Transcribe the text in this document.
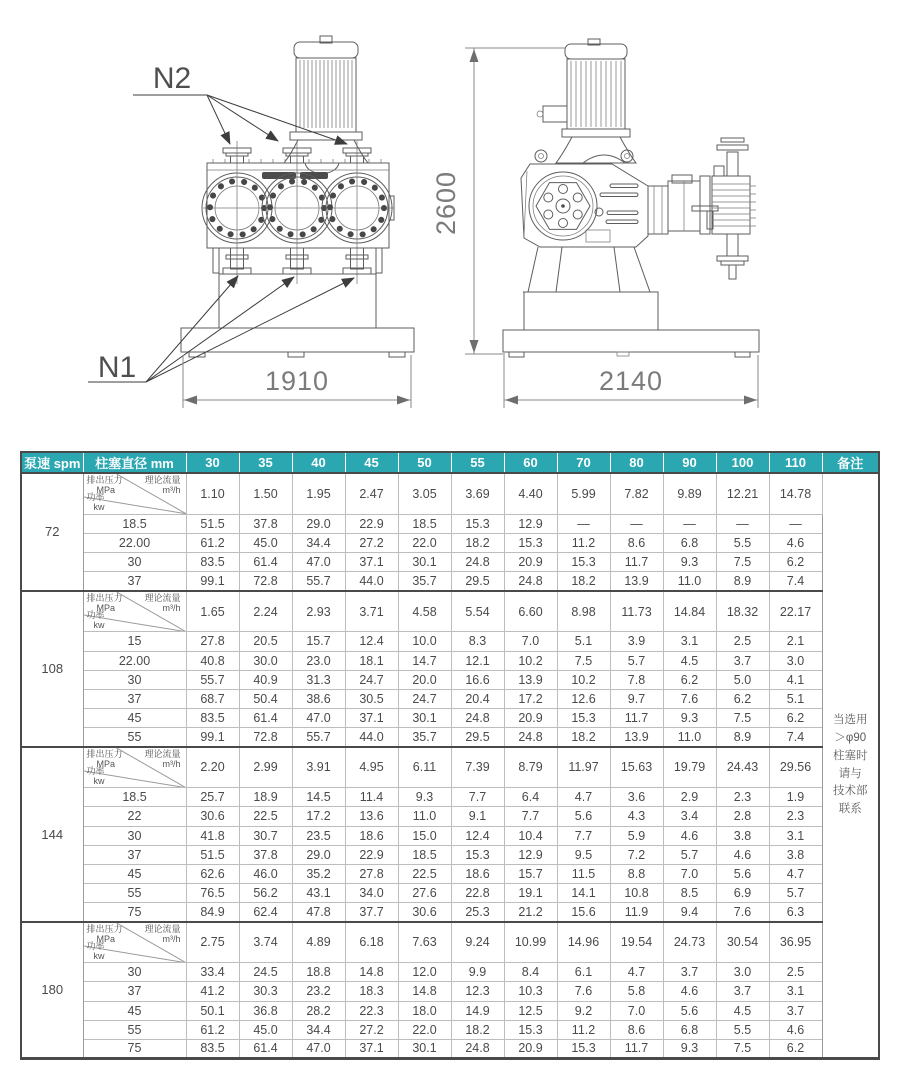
N2
N1	1910	2140
2600
泵速 spm	柱塞直径 mm	30	35	40	45	50	55	60	70	80	90	100	110	备注
72	
排出压力
MPa
理论流量
m³/h
功率
kw
	1.10	1.50	1.95	2.47	3.05	3.69	4.40	5.99	7.82	9.89	12.21	14.78	
当选用
＞φ90
柱塞时
请与
技术部
联系

	18.5	51.5	37.8	29.0	22.9	18.5	15.3	12.9	—	—	—	—	—	
	22.00	61.2	45.0	34.4	27.2	22.0	18.2	15.3	11.2	8.6	6.8	5.5	4.6	
	30	83.5	61.4	47.0	37.1	30.1	24.8	20.9	15.3	11.7	9.3	7.5	6.2	
	37	99.1	72.8	55.7	44.0	35.7	29.5	24.8	18.2	13.9	11.0	8.9	7.4	
108	
排出压力
MPa
理论流量
m³/h
功率
kw
	1.65	2.24	2.93	3.71	4.58	5.54	6.60	8.98	11.73	14.84	18.32	22.17
	15	27.8	20.5	15.7	12.4	10.0	8.3	7.0	5.1	3.9	3.1	2.5	2.1	
	22.00	40.8	30.0	23.0	18.1	14.7	12.1	10.2	7.5	5.7	4.5	3.7	3.0	
	30	55.7	40.9	31.3	24.7	20.0	16.6	13.9	10.2	7.8	6.2	5.0	4.1	
	37	68.7	50.4	38.6	30.5	24.7	20.4	17.2	12.6	9.7	7.6	6.2	5.1	
	45	83.5	61.4	47.0	37.1	30.1	24.8	20.9	15.3	11.7	9.3	7.5	6.2	
	55	99.1	72.8	55.7	44.0	35.7	29.5	24.8	18.2	13.9	11.0	8.9	7.4	
144	
排出压力
MPa
理论流量
m³/h
功率
kw
	2.20	2.99	3.91	4.95	6.11	7.39	8.79	11.97	15.63	19.79	24.43	29.56
	18.5	25.7	18.9	14.5	11.4	9.3	7.7	6.4	4.7	3.6	2.9	2.3	1.9	
	22	30.6	22.5	17.2	13.6	11.0	9.1	7.7	5.6	4.3	3.4	2.8	2.3	
	30	41.8	30.7	23.5	18.6	15.0	12.4	10.4	7.7	5.9	4.6	3.8	3.1	
	37	51.5	37.8	29.0	22.9	18.5	15.3	12.9	9.5	7.2	5.7	4.6	3.8	
	45	62.6	46.0	35.2	27.8	22.5	18.6	15.7	11.5	8.8	7.0	5.6	4.7	
	55	76.5	56.2	43.1	34.0	27.6	22.8	19.1	14.1	10.8	8.5	6.9	5.7	
	75	84.9	62.4	47.8	37.7	30.6	25.3	21.2	15.6	11.9	9.4	7.6	6.3	
180	
排出压力
MPa
理论流量
m³/h
功率
kw
	2.75	3.74	4.89	6.18	7.63	9.24	10.99	14.96	19.54	24.73	30.54	36.95
	30	33.4	24.5	18.8	14.8	12.0	9.9	8.4	6.1	4.7	3.7	3.0	2.5	
	37	41.2	30.3	23.2	18.3	14.8	12.3	10.3	7.6	5.8	4.6	3.7	3.1	
	45	50.1	36.8	28.2	22.3	18.0	14.9	12.5	9.2	7.0	5.6	4.5	3.7	
	55	61.2	45.0	34.4	27.2	22.0	18.2	15.3	11.2	8.6	6.8	5.5	4.6	
	75	83.5	61.4	47.0	37.1	30.1	24.8	20.9	15.3	11.7	9.3	7.5	6.2	
